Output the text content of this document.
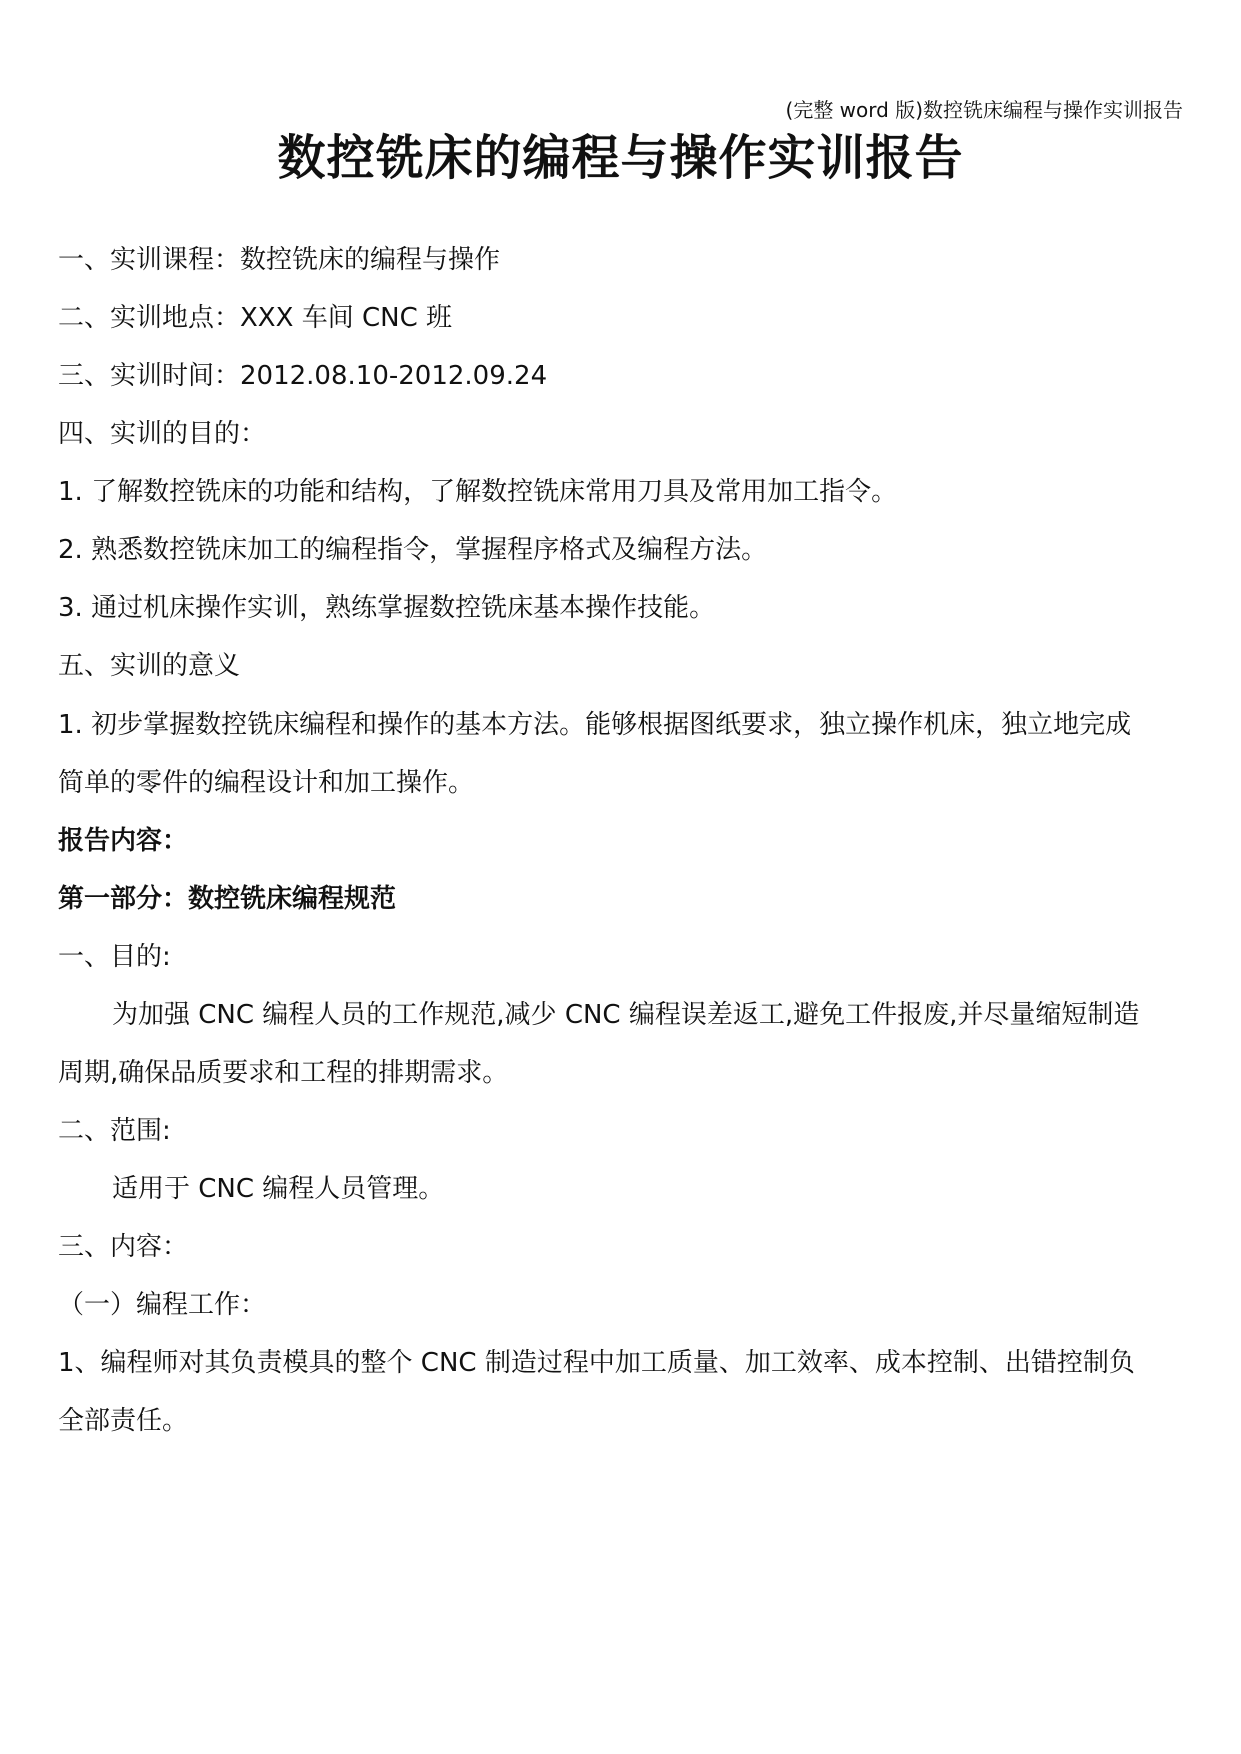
(完整 word 版)数控铣床编程与操作实训报告
数控铣床的编程与操作实训报告
一、实训课程：数控铣床的编程与操作
二、实训地点：XXX 车间 CNC 班
三、实训时间：2012.08.10-2012.09.24
四、实训的目的：
1. 了解数控铣床的功能和结构，了解数控铣床常用刀具及常用加工指令。
2. 熟悉数控铣床加工的编程指令，掌握程序格式及编程方法。
3. 通过机床操作实训，熟练掌握数控铣床基本操作技能。
五、实训的意义
1. 初步掌握数控铣床编程和操作的基本方法。能够根据图纸要求，独立操作机床，独立地完成
简单的零件的编程设计和加工操作。
报告内容：
第一部分：数控铣床编程规范
一、目的:
为加强 CNC 编程人员的工作规范,减少 CNC 编程误差返工,避免工件报废,并尽量缩短制造
周期,确保品质要求和工程的排期需求。
二、范围:
适用于 CNC 编程人员管理。
三、内容：
（一）编程工作：
1、编程师对其负责模具的整个 CNC 制造过程中加工质量、加工效率、成本控制、出错控制负
全部责任。
